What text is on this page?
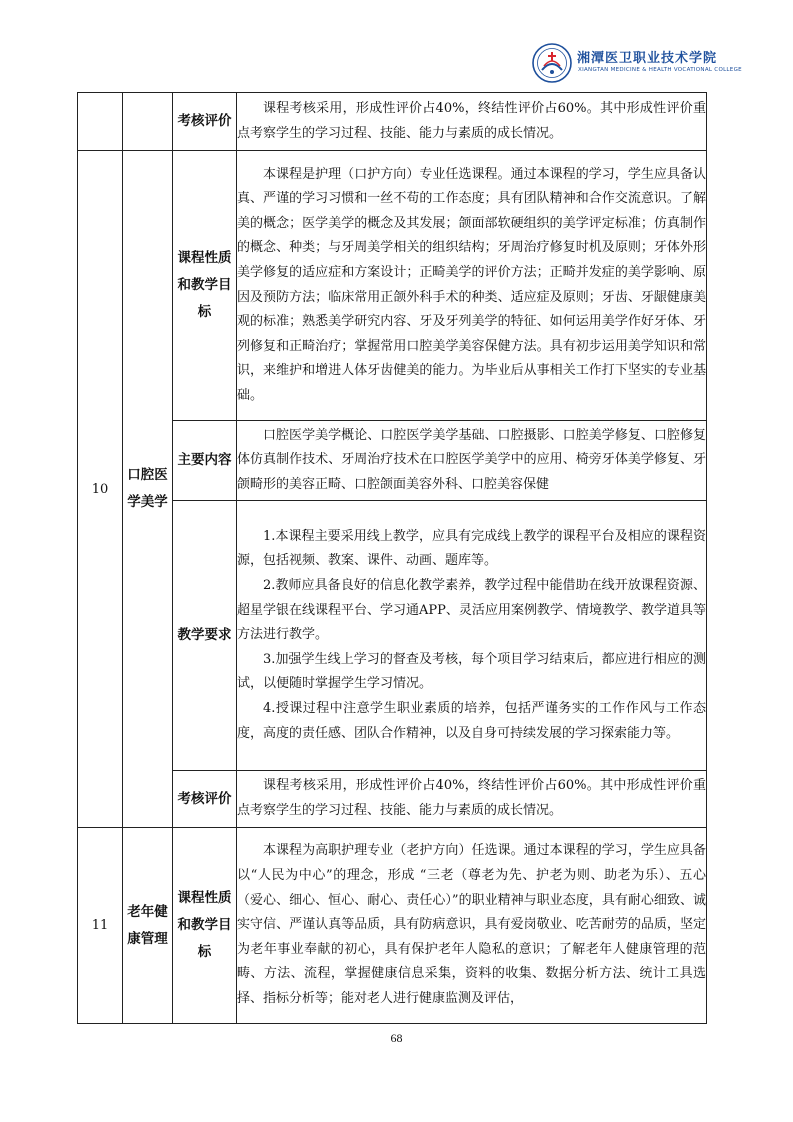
湘潭医卫职业技术学院
XIANGTAN MEDICINE & HEALTH VOCATIONAL COLLEGE
		考核评价	课程考核采用，形成性评价占40%，终结性评价占60%。其中形成性评价重点考察学生的学习过程、技能、能力与素质的成长情况。

10	口腔医学美学	课程性质和教学目标	本课程是护理（口护方向）专业任选课程。通过本课程的学习，学生应具备认真、严谨的学习习惯和一丝不苟的工作态度；具有团队精神和合作交流意识。了解美的概念；医学美学的概念及其发展；颌面部软硬组织的美学评定标准；仿真制作的概念、种类；与牙周美学相关的组织结构；牙周治疗修复时机及原则；牙体外形美学修复的适应症和方案设计；正畸美学的评价方法；正畸并发症的美学影响、原因及预防方法；临床常用正颌外科手术的种类、适应症及原则；牙齿、牙龈健康美观的标准；熟悉美学研究内容、牙及牙列美学的特征、如何运用美学作好牙体、牙列修复和正畸治疗；掌握常用口腔美学美容保健方法。具有初步运用美学知识和常识，来维护和增进人体牙齿健美的能力。为毕业后从事相关工作打下坚实的专业基础。

		主要内容	口腔医学美学概论、口腔医学美学基础、口腔摄影、口腔美学修复、口腔修复体仿真制作技术、牙周治疗技术在口腔医学美学中的应用、椅旁牙体美学修复、牙颌畸形的美容正畸、口腔颌面美容外科、口腔美容保健

		教学要求	1.本课程主要采用线上教学，应具有完成线上教学的课程平台及相应的课程资源，包括视频、教案、课件、动画、题库等。

2.教师应具备良好的信息化教学素养，教学过程中能借助在线开放课程资源、超星学银在线课程平台、学习通APP、灵活应用案例教学、情境教学、教学道具等方法进行教学。

3.加强学生线上学习的督查及考核，每个项目学习结束后，都应进行相应的测试，以便随时掌握学生学习情况。

4.授课过程中注意学生职业素质的培养，包括严谨务实的工作作风与工作态度，高度的责任感、团队合作精神，以及自身可持续发展的学习探索能力等。

		考核评价	课程考核采用，形成性评价占40%，终结性评价占60%。其中形成性评价重点考察学生的学习过程、技能、能力与素质的成长情况。

11	老年健康管理	课程性质和教学目标	本课程为高职护理专业（老护方向）任选课。通过本课程的学习，学生应具备以“人民为中心”的理念，形成 “三老（尊老为先、护老为则、助老为乐）、五心（爱心、细心、恒心、耐心、责任心）”的职业精神与职业态度，具有耐心细致、诚实守信、严谨认真等品质，具有防病意识，具有爱岗敬业、吃苦耐劳的品质，坚定为老年事业奉献的初心，具有保护老年人隐私的意识；了解老年人健康管理的范畴、方法、流程，掌握健康信息采集，资料的收集、数据分析方法、统计工具选择、指标分析等；能对老人进行健康监测及评估，

68
